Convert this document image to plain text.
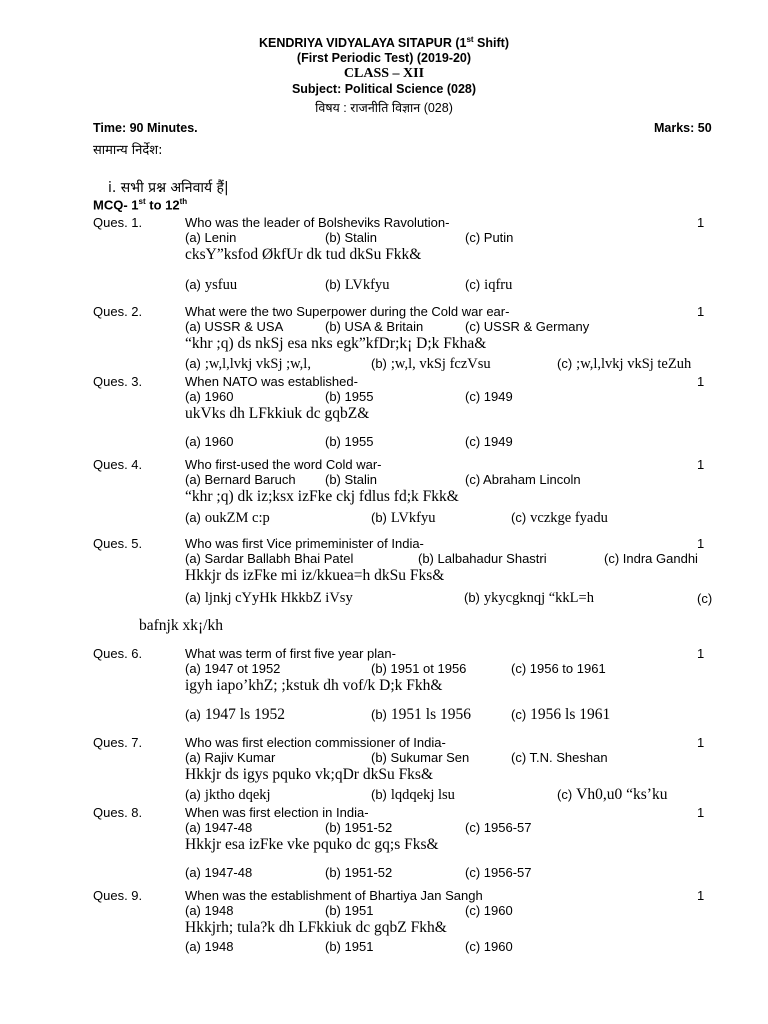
KENDRIYA VIDYALAYA SITAPUR (1st Shift)
(First Periodic Test) (2019-20)
CLASS – XII
Subject: Political Science (028)
विषय : राजनीति विज्ञान (028)
Time: 90 Minutes.	Marks: 50
सामान्य निर्देश:
i. सभी प्रश्न अनिवार्य हैं|
MCQ- 1st to 12th
Ques. 1.	Who was the leader of Bolsheviks Ravolution-	1
(a) Lenin	(b) Stalin	(c) Putin
cksY”ksfod ØkfUr dk tud dkSu Fkk&
(a) ysfuu	(b) LVkfyu	(c) iqfru
Ques. 2.	What were the two Superpower during the Cold war ear-	1
(a) USSR & USA	(b) USA & Britain	(c) USSR & Germany
“khr ;q) ds nkSj esa nks egk”kfDr;k¡ D;k Fkha&
(a) ;w,l,lvkj vkSj ;w,l,	(b) ;w,l, vkSj fczVsu	(c) ;w,l,lvkj vkSj teZuh
Ques. 3.	When NATO was established-	1
(a) 1960	(b) 1955	(c) 1949
ukVks dh LFkkiuk dc gqbZ&
(a) 1960	(b) 1955	(c) 1949
Ques. 4.	Who first-used the word Cold war-	1
(a) Bernard Baruch (b) Stalin	(c) Abraham Lincoln
“khr ;q) dk iz;ksx izFke ckj fdlus fd;k Fkk&
(a) oukZM c:p	(b) LVkfyu	(c) vczkge fyadu
Ques. 5.	Who was first Vice primeminister of India-	1
(a) Sardar Ballabh Bhai Patel	(b) Lalbahadur Shastri	(c) Indra Gandhi
Hkkjr ds izFke mi iz/kkuea=h dkSu Fks&
(a) ljnkj cYyHk HkkbZ iVsy	(b) ykycgknqj “kkL=h	(c)
bafnjk xk¡/kh
Ques. 6.	What was term of first five year plan-	1
(a) 1947 ot 1952	(b) 1951 ot 1956	(c) 1956 to 1961
igyh iapo’khZ; ;kstuk dh vof/k D;k Fkh&
(a) 1947 ls 1952	(b) 1951 ls 1956	(c) 1956 ls 1961
Ques. 7.	Who was first election commissioner of India-	1
(a) Rajiv Kumar	(b) Sukumar Sen	(c) T.N. Sheshan
Hkkjr ds igys pquko vk;qDr dkSu Fks&
(a) jktho dqekj	(b) lqdqekj lsu	(c) Vh0,u0 “ks’ku
Ques. 8.	When was first election in India-	1
(a) 1947-48	(b) 1951-52	(c) 1956-57
Hkkjr esa izFke vke pquko dc gq;s Fks&
(a) 1947-48	(b) 1951-52	(c) 1956-57
Ques. 9.	When was the establishment of Bhartiya Jan Sangh	1
(a) 1948	(b) 1951	(c) 1960
Hkkjrh; tula?k dh LFkkiuk dc gqbZ Fkh&
(a) 1948	(b) 1951	(c) 1960
